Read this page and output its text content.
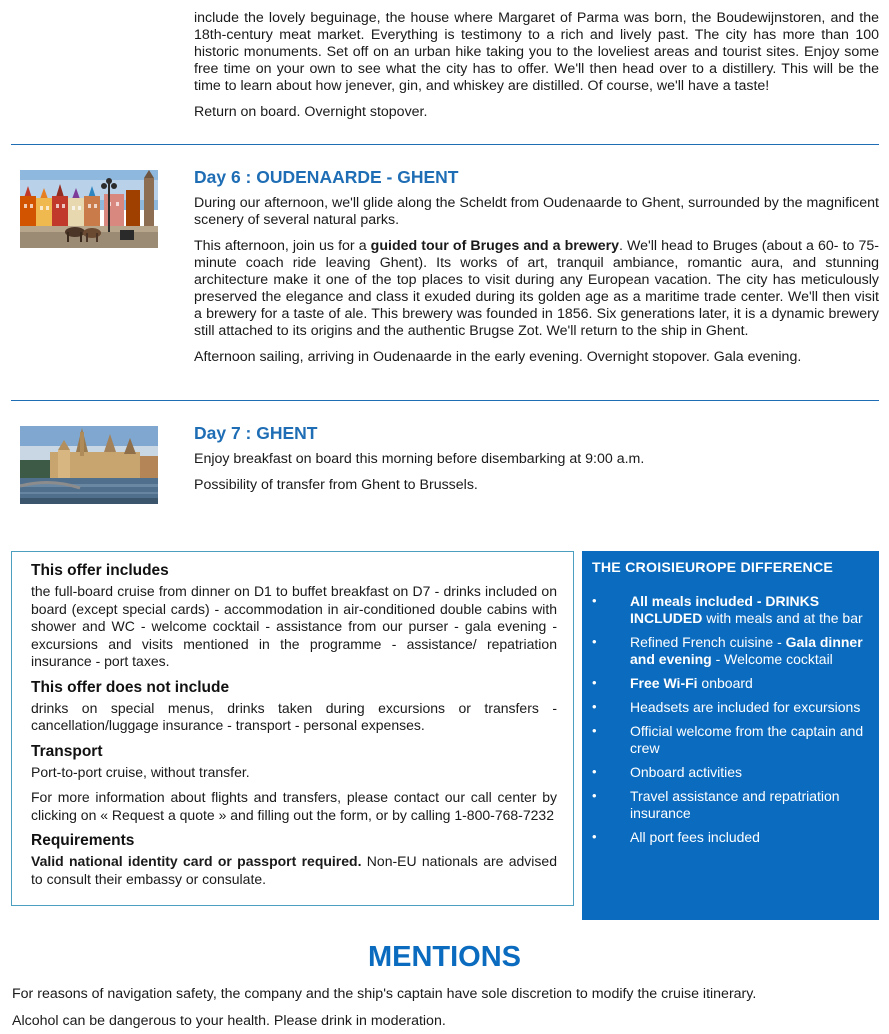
include the lovely beguinage, the house where Margaret of Parma was born, the Boudewijnstoren, and the 18th-century meat market. Everything is testimony to a rich and lively past. The city has more than 100 historic monuments. Set off on an urban hike taking you to the loveliest areas and tourist sites. Enjoy some free time on your own to see what the city has to offer. We'll then head over to a distillery. This will be the time to learn about how jenever, gin, and whiskey are distilled. Of course, we'll have a taste!

Return on board. Overnight stopover.

Day 6 : OUDENAARDE - GHENT

During our afternoon, we'll glide along the Scheldt from Oudenaarde to Ghent, surrounded by the magnificent scenery of several natural parks.

This afternoon, join us for a guided tour of Bruges and a brewery. We'll head to Bruges (about a 60- to 75-minute coach ride leaving Ghent). Its works of art, tranquil ambiance, romantic aura, and stunning architecture make it one of the top places to visit during any European vacation. The city has meticulously preserved the elegance and class it exuded during its golden age as a maritime trade center. We'll then visit a brewery for a taste of ale. This brewery was founded in 1856. Six generations later, it is a dynamic brewery still attached to its origins and the authentic Brugse Zot. We'll return to the ship in Ghent.

Afternoon sailing, arriving in Oudenaarde in the early evening. Overnight stopover. Gala evening.

Day 7 : GHENT

Enjoy breakfast on board this morning before disembarking at 9:00 a.m.

Possibility of transfer from Ghent to Brussels.

This offer includes

the full-board cruise from dinner on D1 to buffet breakfast on D7 - drinks included on board (except special cards) - accommodation in air-conditioned double cabins with shower and WC - welcome cocktail - assistance from our purser - gala evening - excursions and visits mentioned in the programme - assistance/ repatriation insurance - port taxes.

This offer does not include

drinks on special menus, drinks taken during excursions or transfers - cancellation/luggage insurance - transport - personal expenses.

Transport

Port-to-port cruise, without transfer.

For more information about flights and transfers, please contact our call center by clicking on « Request a quote » and filling out the form, or by calling 1-800-768-7232

Requirements

Valid national identity card or passport required. Non-EU nationals are advised to consult their embassy or consulate.

THE CROISIEUROPE DIFFERENCE
• All meals included - DRINKS INCLUDED with meals and at the bar
• Refined French cuisine - Gala dinner and evening - Welcome cocktail
• Free Wi-Fi onboard
• Headsets are included for excursions
• Official welcome from the captain and crew
• Onboard activities
• Travel assistance and repatriation insurance
• All port fees included
MENTIONS
For reasons of navigation safety, the company and the ship's captain have sole discretion to modify the cruise itinerary.
Alcohol can be dangerous to your health. Please drink in moderation.
